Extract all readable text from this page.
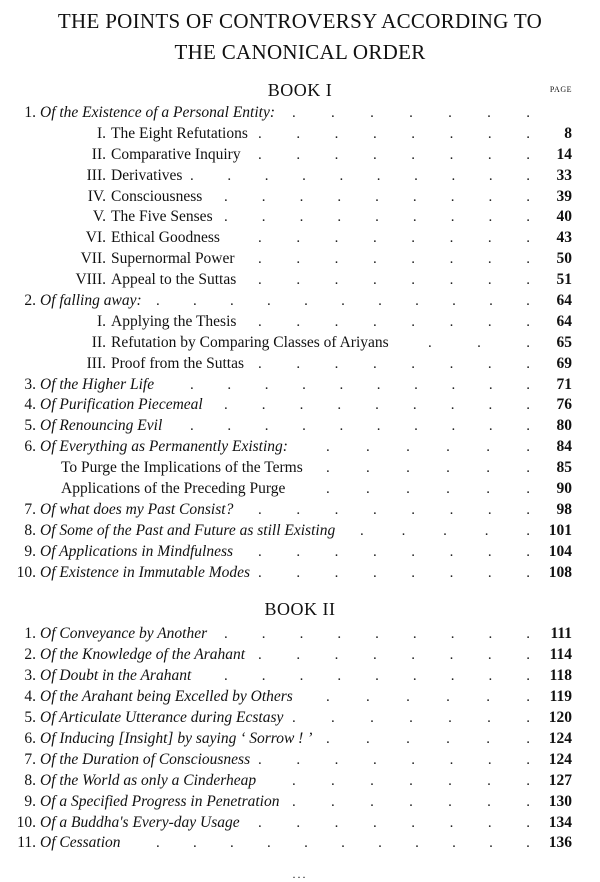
THE POINTS OF CONTROVERSY ACCORDING TO
THE CANONICAL ORDER
BOOK I	PAGE
1. Of the Existence of a Personal Entity: . . . . . . .
I. The Eight Refutations . . . . . . . .	8
II. Comparative Inquiry . . . . . . . .	14
III. Derivatives . . . . . . . . . .	33
IV. Consciousness . . . . . . . . .	39
V. The Five Senses . . . . . . . . .	40
VI. Ethical Goodness	. . . . . . . .	43
VII. Supernormal Power . . . . . . . .	50
VIII. Appeal to the Suttas . . . . . . . .	51
2. Of falling away: . . . . . . . . . . .	64
I. Applying the Thesis . . . . . . . .	64
II. Refutation by Comparing Classes of Ariyans	.	.	.	65
III. Proof from the Suttas . . . . . . . .	69
3. Of the Higher Life . . . . . . . . . .	71
4. Of Purification Piecemeal . . . . . . . . .	76
5. Of Renouncing Evil . . . . . . . . . .	80
6. Of Everything as Permanently Existing:	. . . . . .	84
To Purge the Implications of the Terms . . . . . .	85
Applications of the Preceding Purge	. . . . . .	90
7. Of what does my Past Consist? . . . . . . . .	98
8. Of Some of the Past and Future as still Existing .	.	.	.	.	101
9. Of Applications in Mindfulness . . . . . . . .	104
10. Of Existence in Immutable Modes . . . . . . . .	108
BOOK II
1. Of Conveyance by Another . . . . . . . . .	111
2. Of the Knowledge of the Arahant . . . . . . . .	114
3. Of Doubt in the Arahant . . . . . . . . .	118
4. Of the Arahant being Excelled by Others . . . . . .	119
5. Of Articulate Utterance during Ecstasy . . . . . . .	120
6. Of Inducing [Insight] by saying ‘ Sorrow ! ’ . . . . . .	124
7. Of the Duration of Consciousness . . . . . . . .	124
8. Of the World as only a Cinderheap . . . . . . .	127
9. Of a Specified Progress in Penetration . . . . . . .	130
10. Of a Buddha's Every-day Usage . . . . . . . .	134
11. Of Cessation . . . . . . . . . . .	136
...
